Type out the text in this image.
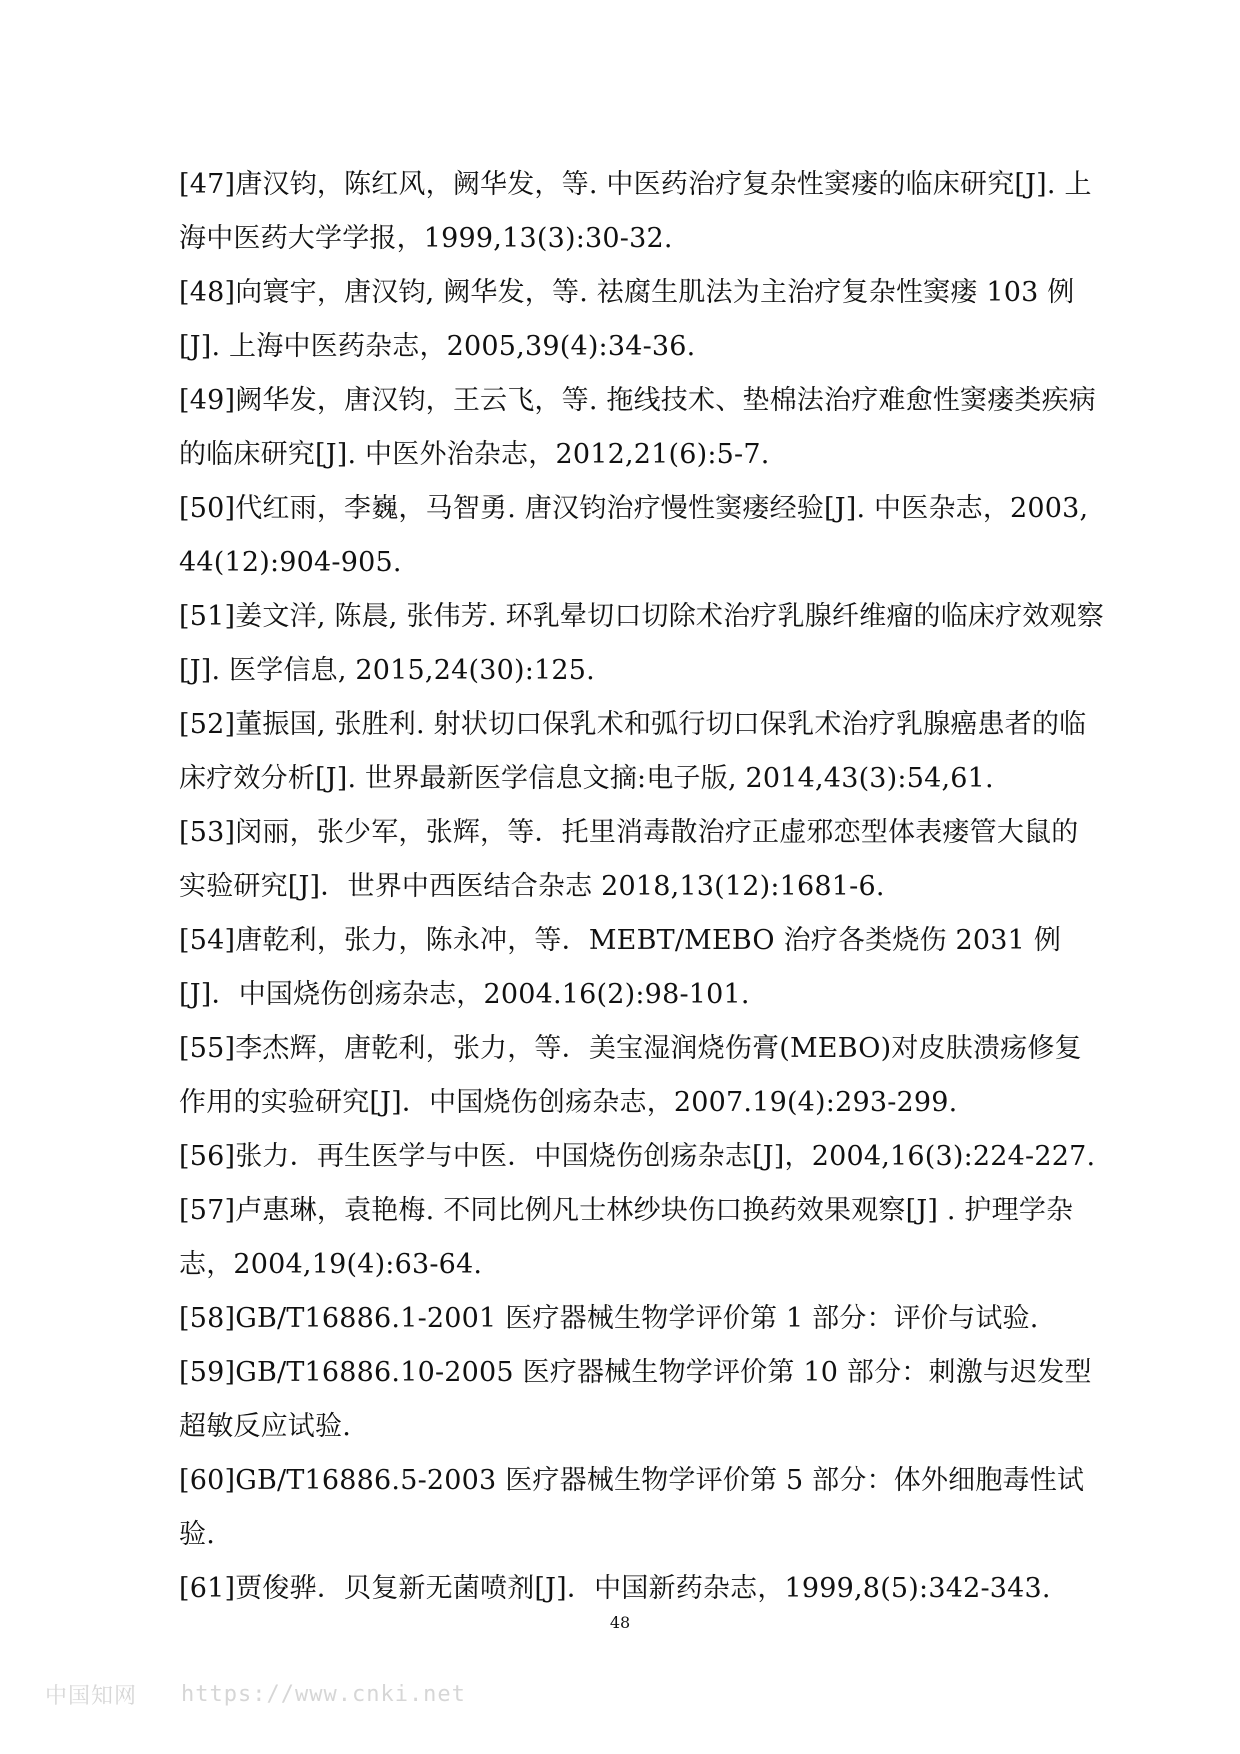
[47]唐汉钧，陈红风，阙华发，等. 中医药治疗复杂性窦瘘的临床研究[J]. 上海中医药大学学报，1999,13(3):30-32.
[48]向寰宇，唐汉钧, 阙华发，等. 祛腐生肌法为主治疗复杂性窦瘘 103 例[J]. 上海中医药杂志，2005,39(4):34-36.
[49]阙华发，唐汉钧，王云飞，等. 拖线技术、垫棉法治疗难愈性窦瘘类疾病的临床研究[J]. 中医外治杂志，2012,21(6):5-7.
[50]代红雨，李巍，马智勇. 唐汉钧治疗慢性窦瘘经验[J]. 中医杂志，2003,44(12):904-905.
[51]姜文洋, 陈晨, 张伟芳. 环乳晕切口切除术治疗乳腺纤维瘤的临床疗效观察[J]. 医学信息, 2015,24(30):125.
[52]董振国, 张胜利. 射状切口保乳术和弧行切口保乳术治疗乳腺癌患者的临床疗效分析[J]. 世界最新医学信息文摘:电子版, 2014,43(3):54,61.
[53]闵丽，张少军，张辉，等．托里消毒散治疗正虚邪恋型体表瘘管大鼠的实验研究[J]．世界中西医结合杂志 2018,13(12):1681-6.
[54]唐乾利，张力，陈永冲，等．MEBT/MEBO 治疗各类烧伤 2031 例[J]．中国烧伤创疡杂志，2004.16(2):98-101.
[55]李杰辉，唐乾利，张力，等．美宝湿润烧伤膏(MEBO)对皮肤溃疡修复作用的实验研究[J]．中国烧伤创疡杂志，2007.19(4):293-299.
[56]张力．再生医学与中医．中国烧伤创疡杂志[J]，2004,16(3):224-227.
[57]卢惠琳，袁艳梅. 不同比例凡士林纱块伤口换药效果观察[J] . 护理学杂志，2004,19(4):63-64.
[58]GB/T16886.1-2001 医疗器械生物学评价第 1 部分：评价与试验.
[59]GB/T16886.10-2005 医疗器械生物学评价第 10 部分：刺激与迟发型超敏反应试验.
[60]GB/T16886.5-2003 医疗器械生物学评价第 5 部分：体外细胞毒性试验.
[61]贾俊骅．贝复新无菌喷剂[J]．中国新药杂志，1999,8(5):342-343.
48
中国知网 https://www.cnki.net
